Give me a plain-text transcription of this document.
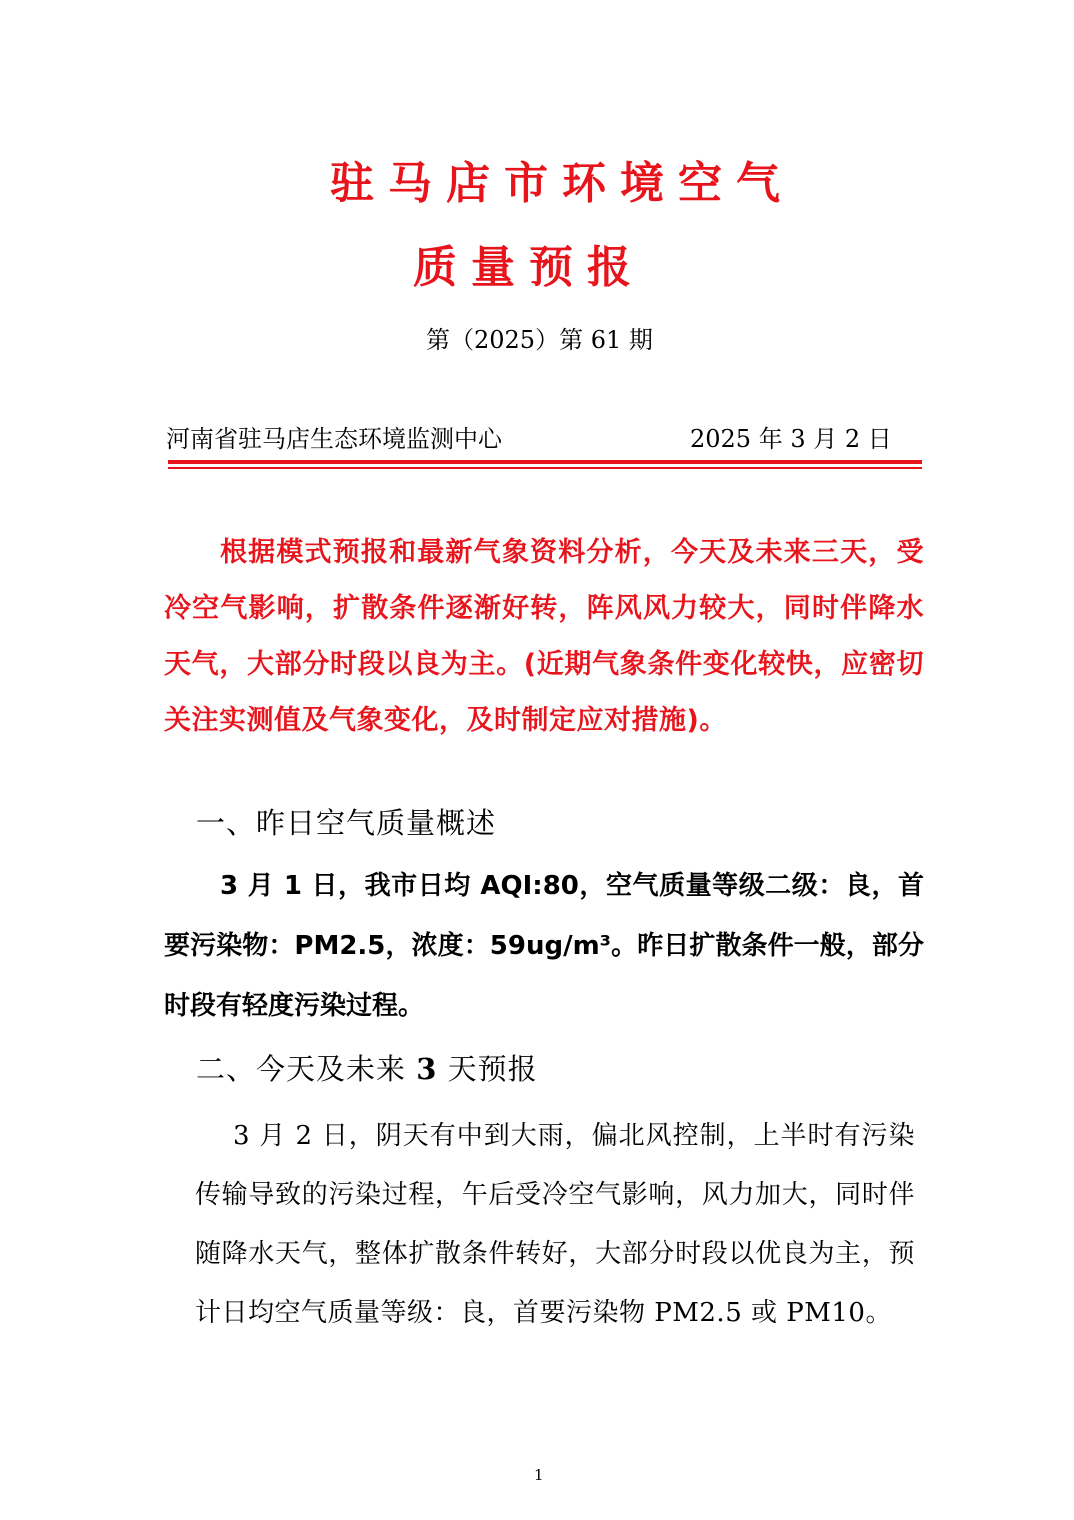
驻马店市环境空气
质量预报
第（2025）第 61 期
河南省驻马店生态环境监测中心	2025 年 3 月 2 日
根据模式预报和最新气象资料分析，今天及未来三天，受冷空气影响，扩散条件逐渐好转，阵风风力较大，同时伴降水天气，大部分时段以良为主。(近期气象条件变化较快，应密切关注实测值及气象变化，及时制定应对措施)。
一、昨日空气质量概述
3 月 1 日，我市日均 AQI:80，空气质量等级二级：良，首要污染物：PM2.5，浓度：59ug/m³。昨日扩散条件一般，部分时段有轻度污染过程。
二、今天及未来 3 天预报
3 月 2 日，阴天有中到大雨，偏北风控制，上半时有污染传输导致的污染过程，午后受冷空气影响，风力加大，同时伴随降水天气，整体扩散条件转好，大部分时段以优良为主，预计日均空气质量等级：良，首要污染物 PM2.5 或 PM10。
1
